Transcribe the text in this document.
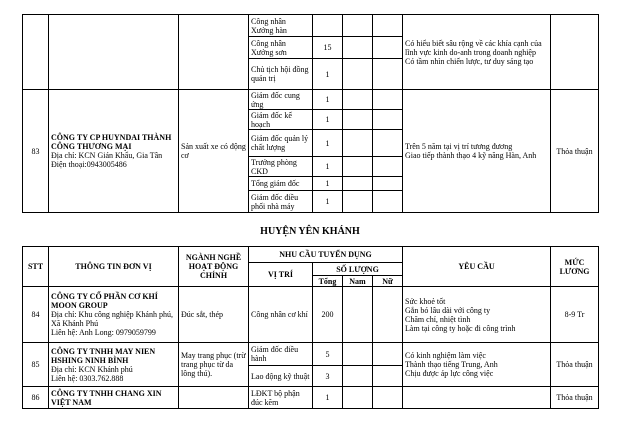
			Công nhân Xưởng hàn				Có hiểu biết sâu rộng về các khía cạnh của
lĩnh vực kinh do-anh trong doanh nghiệp
Có tầm nhìn chiến lược, tư duy sáng tạo	

			Công nhân Xưởng sơn	15				
			Chủ tịch hội đồng quản trị	1				
83	CÔNG TY CP HUYNDAI THÀNH CÔNG THƯƠNG MẠI
Địa chỉ: KCN Gián Khẩu, Gia Tân
Điện thoại:0943005486	Sản xuất xe có động cơ	Giám đốc cung ứng	1			Trên 5 năm tại vị trí tương đương
Giao tiếp thành thạo 4 kỹ năng Hàn, Anh	Thỏa thuận
			Giám đốc kế hoạch	1				
			Giám đốc quản lý chất lượng	1				
			Trưởng phòng CKD	1				
			Tổng giám đốc	1				
			Giám đốc điều phối nhà máy	1				
HUYỆN YÊN KHÁNH
STT	THÔNG TIN ĐƠN VỊ	NGÀNH NGHỀ HOẠT ĐỘNG CHÍNH	NHU CẦU TUYỂN DỤNG				YÊU CẦU	MỨC LƯƠNG
			VỊ TRÍ	SỐ LƯỢNG				
				Tổng	Nam	Nữ		
84	CÔNG TY CỔ PHẦN CƠ KHÍ MOON GROUP
Địa chỉ: Khu công nghiệp Khánh phú, Xã Khánh Phú
Liên hệ: Anh Long: 0979059799	Đúc sắt, thép	Công nhân cơ khí	200			Sức khoẻ tốt
Gắn bó lâu dài với công ty
Chăm chỉ, nhiệt tình
Làm tại công ty hoặc đi công trình	8-9 Tr
85	CÔNG TY TNHH MAY NIEN HSHING NINH BÌNH
Địa chỉ: KCN Khánh phú
Liên hệ: 0303.762.888	May trang phục (trừ trang phục từ da lông thú).	Giám đốc điều hành	5			Có kinh nghiệm làm việc
Thành thạo tiếng Trung, Anh
Chịu được áp lực công việc	Thỏa thuận
			Lao động kỹ thuật	3				
86	CÔNG TY TNHH CHANG XIN VIỆT NAM		LĐKT bộ phận đúc kẽm	1				Thỏa thuận
